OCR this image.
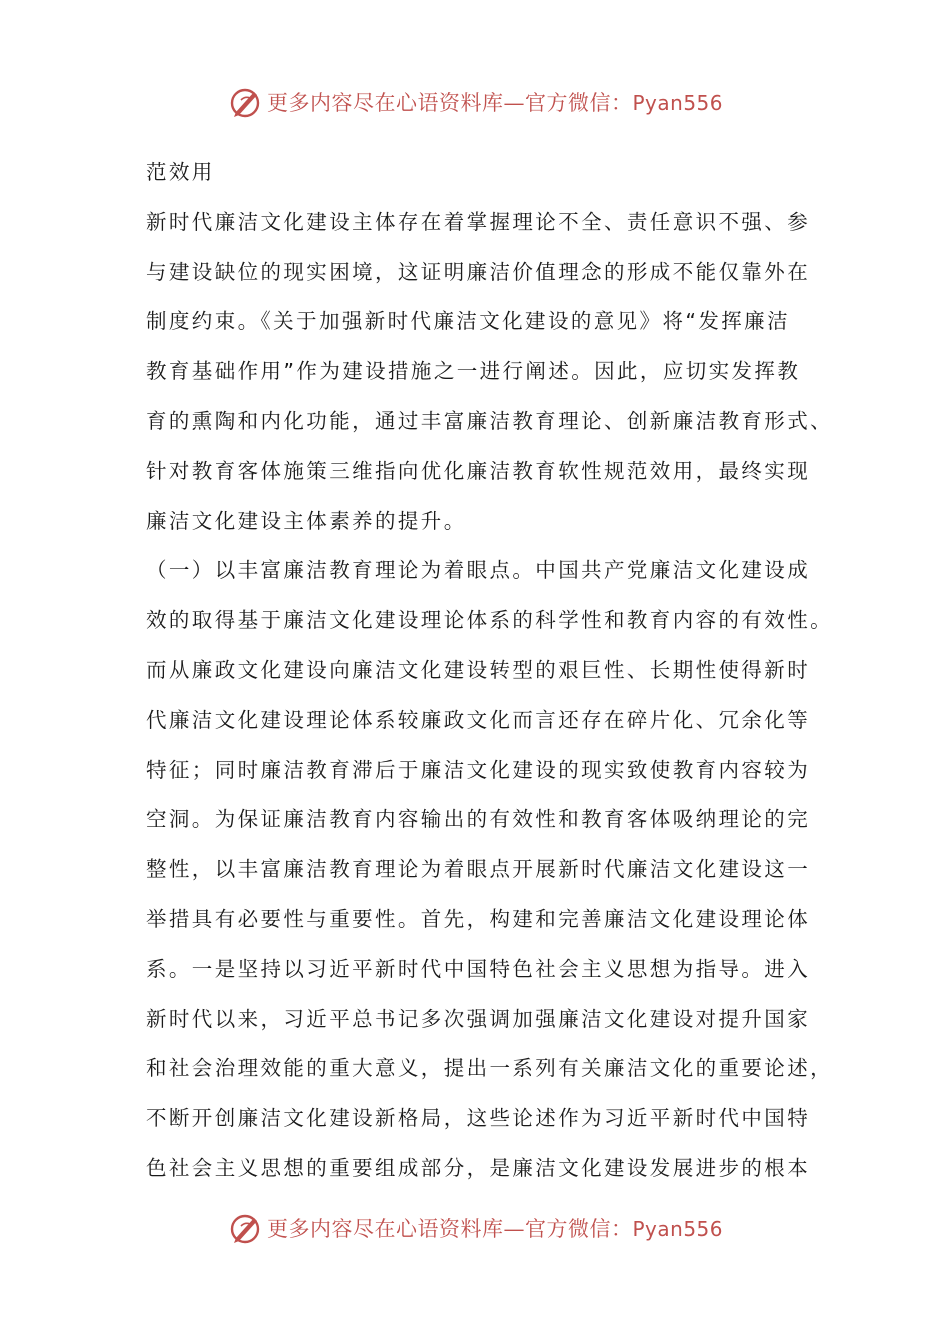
更多内容尽在心语资料库—官方微信：Pyan556
范效用
新时代廉洁文化建设主体存在着掌握理论不全、责任意识不强、参
与建设缺位的现实困境，这证明廉洁价值理念的形成不能仅靠外在
制度约束。《关于加强新时代廉洁文化建设的意见》将“发挥廉洁
教育基础作用”作为建设措施之一进行阐述。因此，应切实发挥教
育的熏陶和内化功能，通过丰富廉洁教育理论、创新廉洁教育形式、
针对教育客体施策三维指向优化廉洁教育软性规范效用，最终实现
廉洁文化建设主体素养的提升。
（一）以丰富廉洁教育理论为着眼点。中国共产党廉洁文化建设成
效的取得基于廉洁文化建设理论体系的科学性和教育内容的有效性。
而从廉政文化建设向廉洁文化建设转型的艰巨性、长期性使得新时
代廉洁文化建设理论体系较廉政文化而言还存在碎片化、冗余化等
特征；同时廉洁教育滞后于廉洁文化建设的现实致使教育内容较为
空洞。为保证廉洁教育内容输出的有效性和教育客体吸纳理论的完
整性，以丰富廉洁教育理论为着眼点开展新时代廉洁文化建设这一
举措具有必要性与重要性。首先，构建和完善廉洁文化建设理论体
系。一是坚持以习近平新时代中国特色社会主义思想为指导。进入
新时代以来，习近平总书记多次强调加强廉洁文化建设对提升国家
和社会治理效能的重大意义，提出一系列有关廉洁文化的重要论述，
不断开创廉洁文化建设新格局，这些论述作为习近平新时代中国特
色社会主义思想的重要组成部分，是廉洁文化建设发展进步的根本
更多内容尽在心语资料库—官方微信：Pyan556
